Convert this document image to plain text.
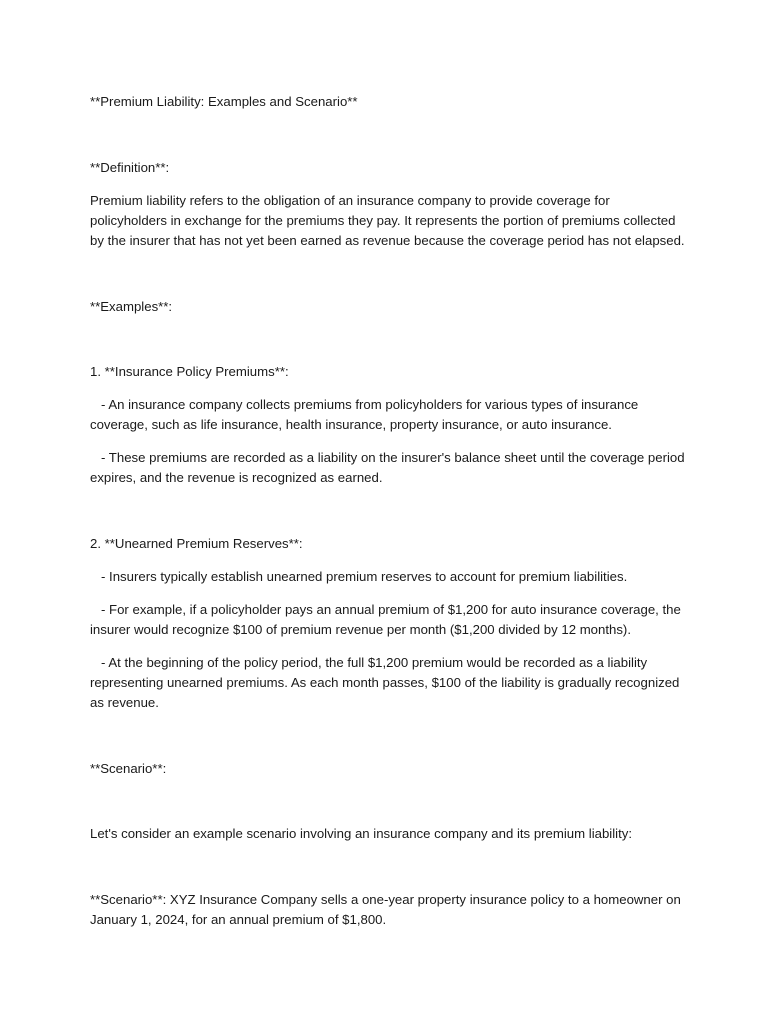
**Premium Liability: Examples and Scenario**

**Definition**:

Premium liability refers to the obligation of an insurance company to provide coverage for policyholders in exchange for the premiums they pay. It represents the portion of premiums collected by the insurer that has not yet been earned as revenue because the coverage period has not elapsed.

**Examples**:

1. **Insurance Policy Premiums**:

- An insurance company collects premiums from policyholders for various types of insurance coverage, such as life insurance, health insurance, property insurance, or auto insurance.

- These premiums are recorded as a liability on the insurer's balance sheet until the coverage period expires, and the revenue is recognized as earned.

2. **Unearned Premium Reserves**:

- Insurers typically establish unearned premium reserves to account for premium liabilities.

- For example, if a policyholder pays an annual premium of $1,200 for auto insurance coverage, the insurer would recognize $100 of premium revenue per month ($1,200 divided by 12 months).

- At the beginning of the policy period, the full $1,200 premium would be recorded as a liability representing unearned premiums. As each month passes, $100 of the liability is gradually recognized as revenue.

**Scenario**:

Let's consider an example scenario involving an insurance company and its premium liability:

**Scenario**: XYZ Insurance Company sells a one-year property insurance policy to a homeowner on January 1, 2024, for an annual premium of $1,800.
